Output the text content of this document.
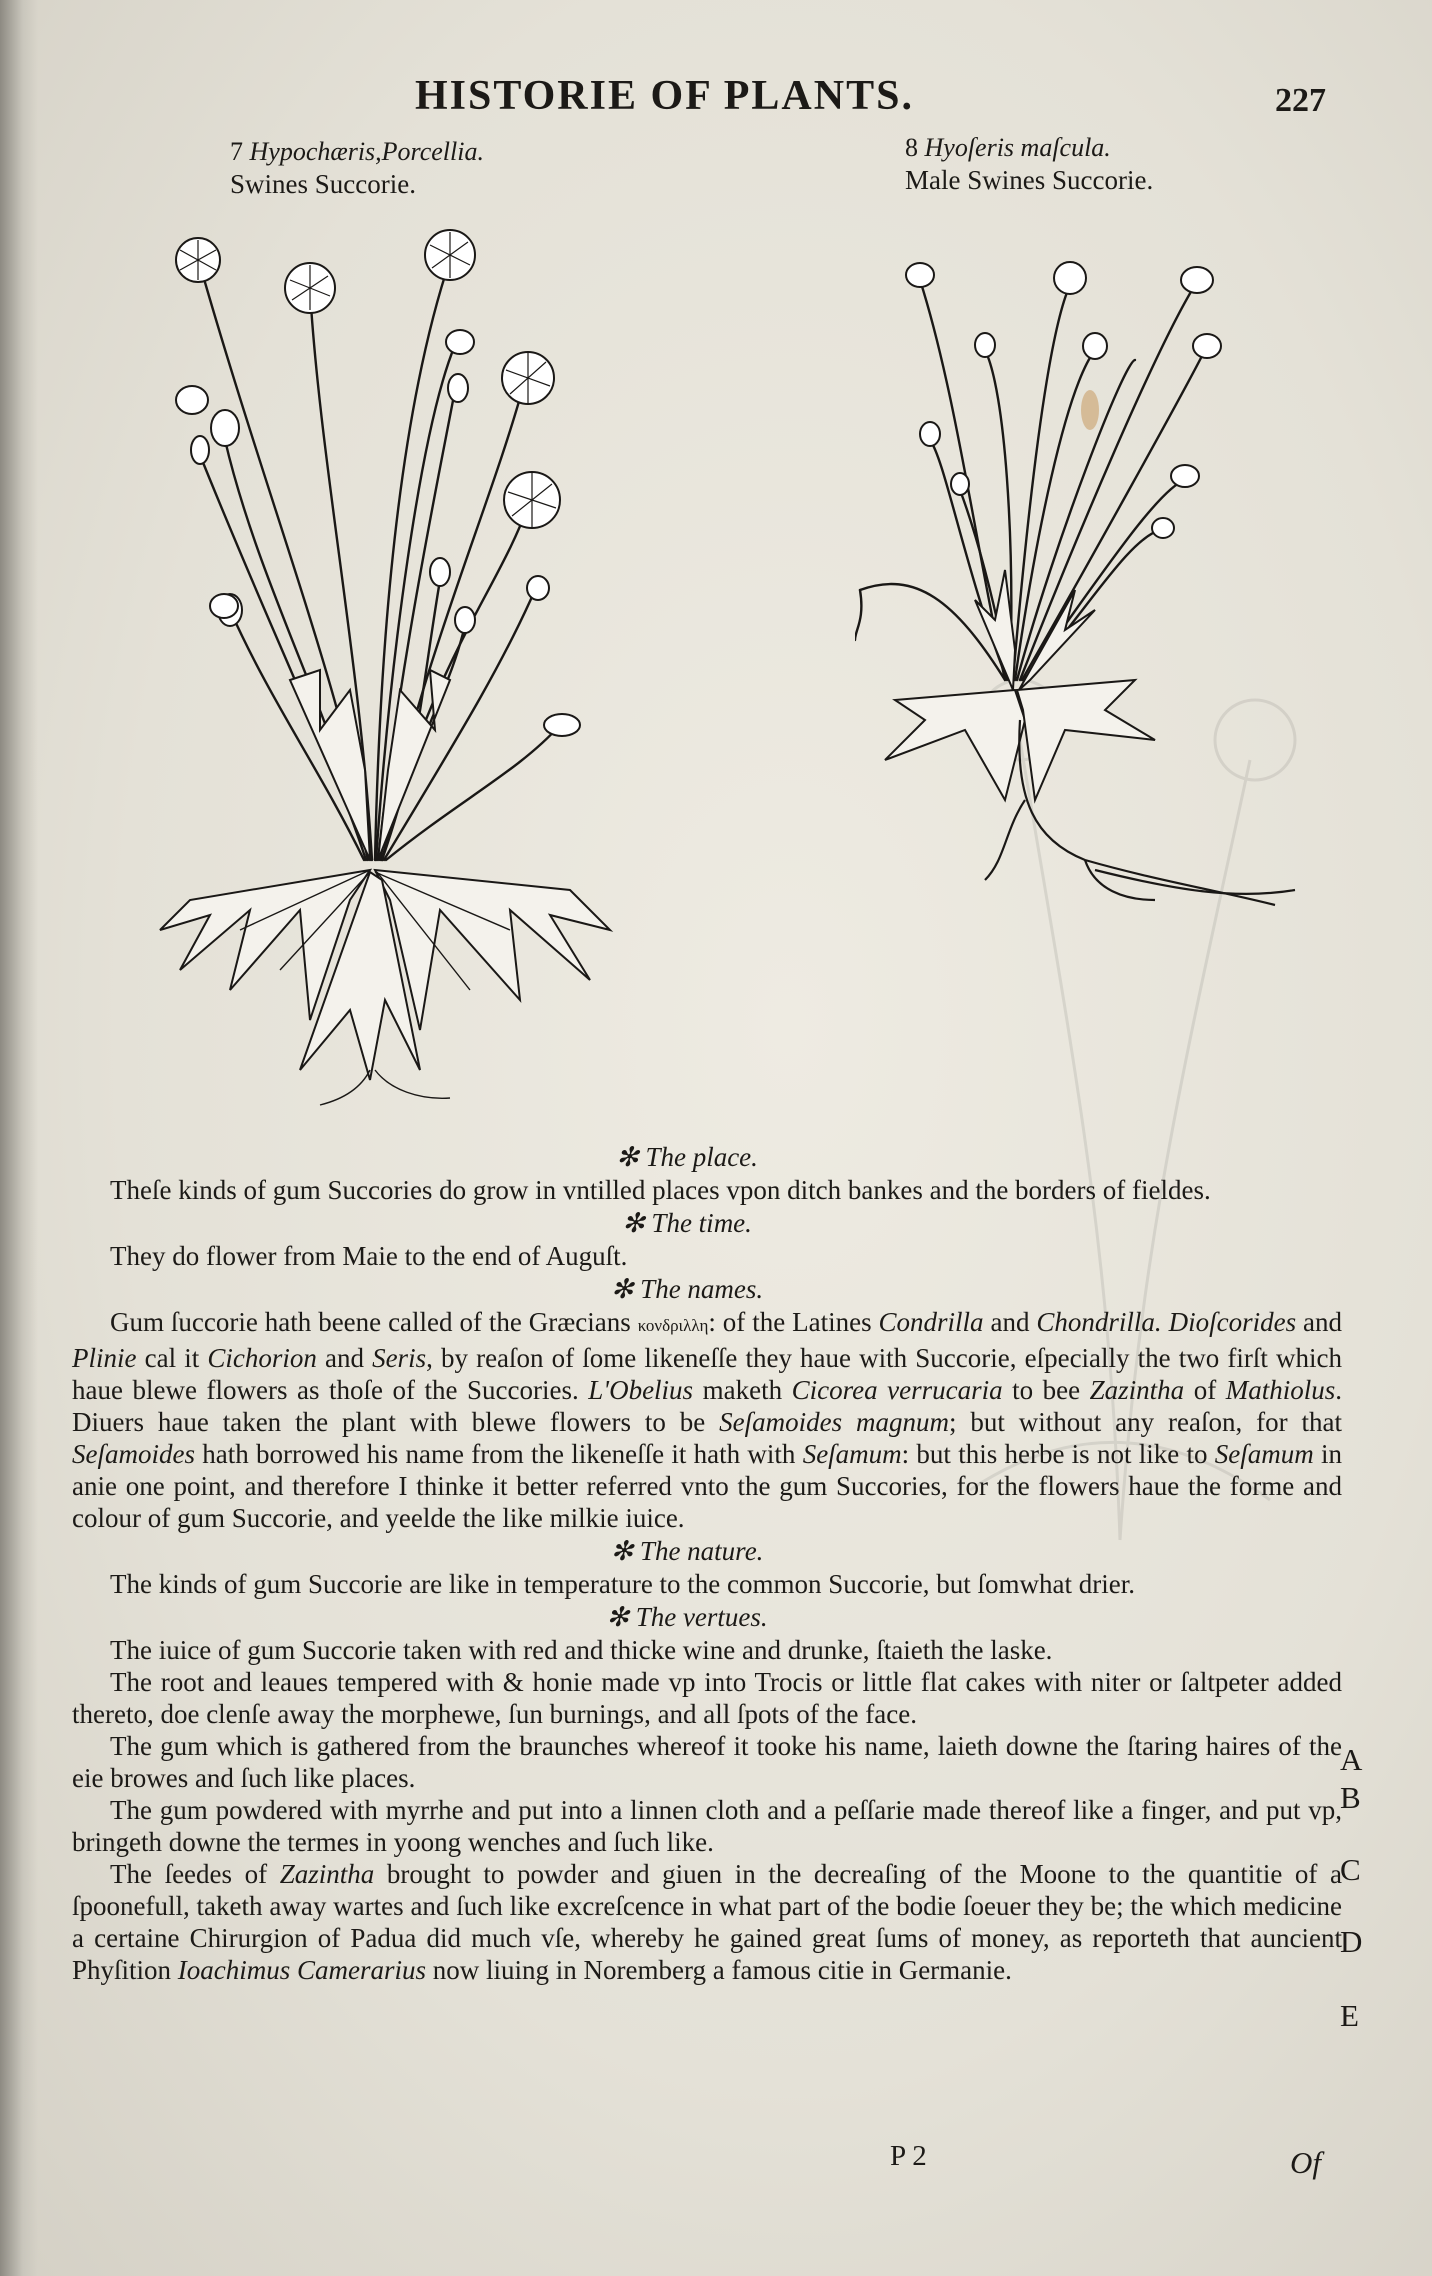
HISTORIE OF PLANTS.	227
7 Hypochæris,Porcellia.
Swines Succorie.
8 Hyoſeris maſcula.
Male Swines Succorie.
✻ The place.

Theſe kinds of gum Succories do grow in vntilled places vpon ditch bankes and the borders of fieldes.

✻ The time.

They do flower from Maie to the end of Auguſt.

✻ The names.

Gum ſuccorie hath beene called of the Græcians κονδριλλη: of the Latines Condrilla and Chondrilla. Dioſcorides and Plinie cal it Cichorion and Seris, by reaſon of ſome likeneſſe they haue with Succorie, eſpecially the two firſt which haue blewe flowers as thoſe of the Succories. L'Obelius maketh Cicorea verrucaria to bee Zazintha of Mathiolus. Diuers haue taken the plant with blewe flowers to be Seſamoides magnum; but without any reaſon, for that Seſamoides hath borrowed his name from the likeneſſe it hath with Seſamum: but this herbe is not like to Seſamum in anie one point, and therefore I thinke it better referred vnto the gum Succories, for the flowers haue the forme and colour of gum Succorie, and yeelde the like milkie iuice.

✻ The nature.

The kinds of gum Succorie are like in temperature to the common Succorie, but ſomwhat drier.

✻ The vertues.

The iuice of gum Succorie taken with red and thicke wine and drunke, ſtaieth the laske.

The root and leaues tempered with & honie made vp into Trocis or little flat cakes with niter or ſaltpeter added thereto, doe clenſe away the morphewe, ſun burnings, and all ſpots of the face.

The gum which is gathered from the braunches whereof it tooke his name, laieth downe the ſtaring haires of the eie browes and ſuch like places.

The gum powdered with myrrhe and put into a linnen cloth and a peſſarie made thereof like a finger, and put vp, bringeth downe the termes in yoong wenches and ſuch like.

The ſeedes of Zazintha brought to powder and giuen in the decreaſing of the Moone to the quantitie of a ſpoonefull, taketh away wartes and ſuch like excreſcence in what part of the bodie ſoeuer they be; the which medicine a certaine Chirurgion of Padua did much vſe, whereby he gained great ſums of money, as reporteth that auncient Phyſition Ioachimus Camerarius now liuing in Noremberg a famous citie in Germanie.

A
B
C
D
E
P 2	Of
